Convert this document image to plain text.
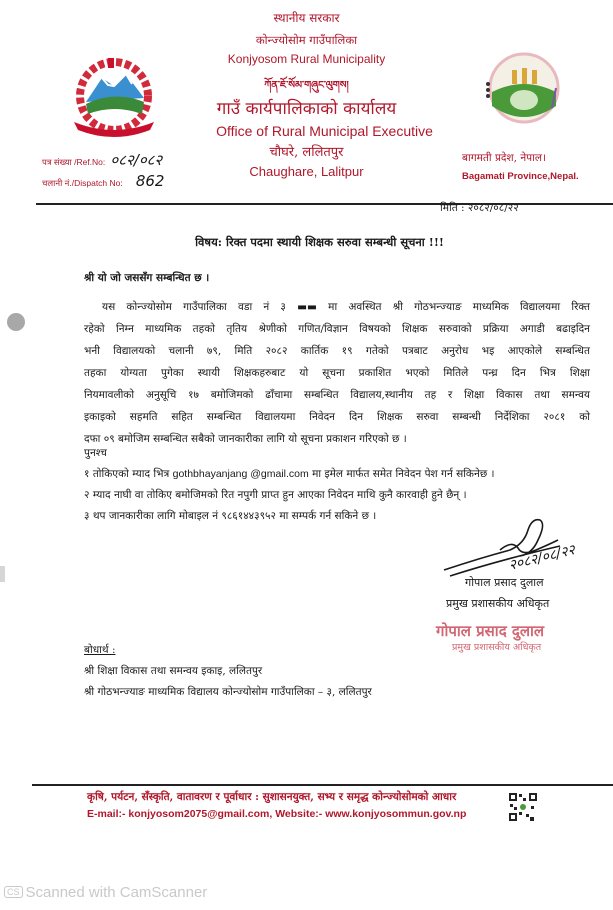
स्थानीय सरकार
कोन्ज्योसोम गाउँपालिका
Konjyosom Rural Municipality
ཀོན་ཇོ་སོམ་གཞུང་ལུགས།
गाउँ कार्यपालिकाको कार्यालय
Office of Rural Municipal Executive
चौघरे, ललितपुर
Chaughare, Lalitpur
बागमती प्रदेश, नेपाल।
Bagamati Province,Nepal.
पत्र संख्या /Ref.No: ०८२/०८२
चलानी नं./Dispatch No: 862
मिति : २०८२/०८/२२
विषय: रिक्त पदमा स्थायी शिक्षक सरुवा सम्बन्धी सूचना !!!
श्री यो जो जससँग सम्बन्धित छ ।
यस कोन्ज्योसोम गाउँपालिका वडा नं ३ ▬▬ मा अवस्थित श्री गोठभन्ज्याङ माध्यमिक विद्यालयमा रिक्त
रहेको निम्न माध्यमिक तहको तृतिय श्रेणीको गणित/विज्ञान विषयको शिक्षक सरुवाको प्रक्रिया अगाडी बढाइदिन
भनी विद्यालयको चलानी ७९, मिति २०८२ कार्तिक १९ गतेको पत्रबाट अनुरोध भइ आएकोले सम्बन्धित
तहका योग्यता पुगेका स्थायी शिक्षकहरुबाट यो सूचना प्रकाशित भएको मितिले पन्ध्र दिन भित्र शिक्षा
नियमावलीको अनुसूचि १७ बमोजिमको ढाँचामा सम्बन्धित विद्यालय,स्थानीय तह र शिक्षा विकास तथा समन्वय
इकाइको सहमति सहित सम्बन्धित विद्यालयमा निवेदन दिन शिक्षक सरुवा सम्बन्धी निर्देशिका २०८१ को
दफा ०९ बमोजिम सम्बन्धित सबैको जानकारीका लागि यो सूचना प्रकाशन गरिएको छ ।
पुनश्च
१ तोकिएको म्याद भित्र gothbhayanjang @gmail.com मा इमेल मार्फत समेत निवेदन पेश गर्न सकिनेछ ।
२ म्याद नाघी वा तोकिए बमोजिमको रित नपुगी प्राप्त हुन आएका निवेदन माथि कुनै कारवाही हुने छैन् ।
३ थप जानकारीका लागि मोबाइल नं ९८६१४४३९५२ मा सम्पर्क गर्न सकिने छ ।
२०८२/०८/२२
गोपाल प्रसाद दुलाल
प्रमुख प्रशासकीय अधिकृत
गोपाल प्रसाद दुलाल
प्रमुख प्रशासकीय अधिकृत
बोधार्थ :
श्री शिक्षा विकास तथा समन्वय इकाइ, ललितपुर
श्री गोठभन्ज्याङ माध्यमिक विद्यालय कोन्ज्योसोम गाउँपालिका – ३, ललितपुर
कृषि, पर्यटन, सँस्कृति, वातावरण र पूर्वाधार : सुशासनयुक्त, सभ्य र समृद्ध कोन्ज्योसोमको आधार
E-mail:- konjyosom2075@gmail.com, Website:- www.konjyosommun.gov.np
CS Scanned with CamScanner
